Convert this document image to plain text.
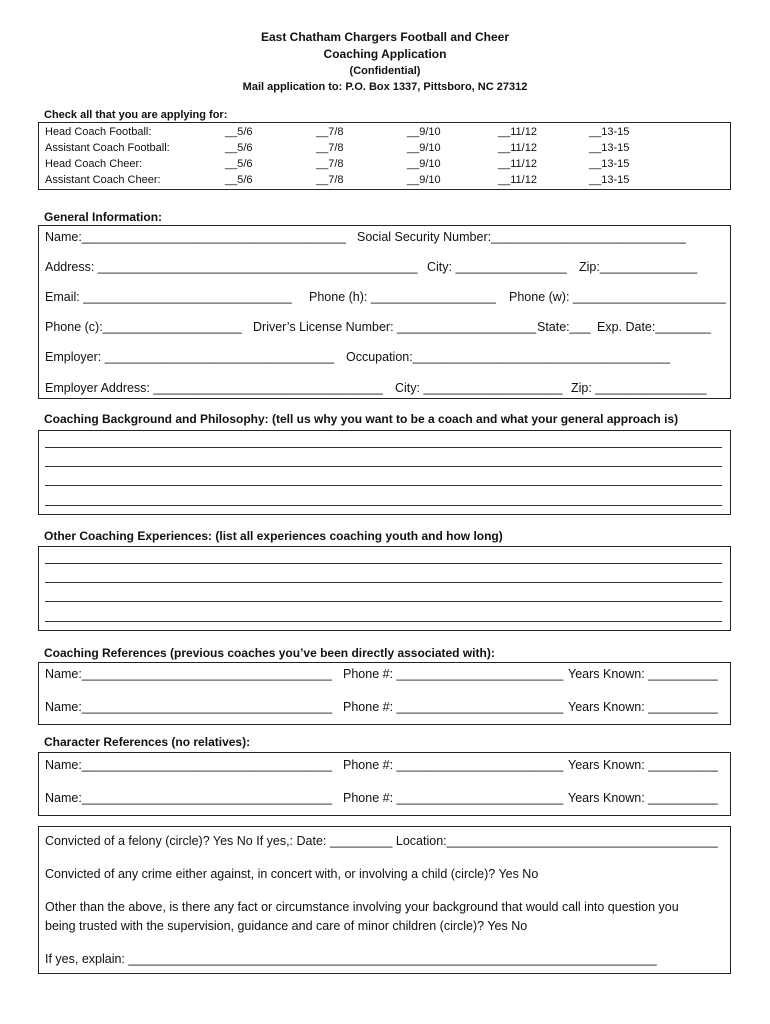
East Chatham Chargers Football and Cheer
Coaching Application
(Confidential)
Mail application to: P.O. Box 1337, Pittsboro, NC 27312
Check all that you are applying for:
Head Coach Football:	__5/6	__7/8	__9/10	__11/12	__13-15
Assistant Coach Football:	__5/6	__7/8	__9/10	__11/12	__13-15
Head Coach Cheer:	__5/6	__7/8	__9/10	__11/12	__13-15
Assistant Coach Cheer:	__5/6	__7/8	__9/10	__11/12	__13-15
General Information:
Name:______________________________________ Social Security Number:____________________________
Address: ______________________________________________ City: ________________ Zip:______________
Email: ______________________________ Phone (h): __________________ Phone (w): ______________________
Phone (c):____________________ Driver’s License Number: ____________________ State:___ Exp. Date:________
Employer: _________________________________ Occupation:_____________________________________
Employer Address: _________________________________ City: ____________________ Zip: ________________
Coaching Background and Philosophy: (tell us why you want to be a coach and what your general approach is)
Other Coaching Experiences: (list all experiences coaching youth and how long)
Coaching References (previous coaches you’ve been directly associated with):
Name:____________________________________ Phone #: ________________________ Years Known: __________
Name:____________________________________ Phone #: ________________________ Years Known: __________
Character References (no relatives):
Name:____________________________________ Phone #: ________________________ Years Known: __________
Name:____________________________________ Phone #: ________________________ Years Known: __________
Convicted of a felony (circle)? Yes No If yes,: Date: _________ Location:_______________________________________
Convicted of any crime either against, in concert with, or involving a child (circle)? Yes No
Other than the above, is there any fact or circumstance involving your background that would call into question you
being trusted with the supervision, guidance and care of minor children (circle)? Yes No
If yes, explain: ____________________________________________________________________________
